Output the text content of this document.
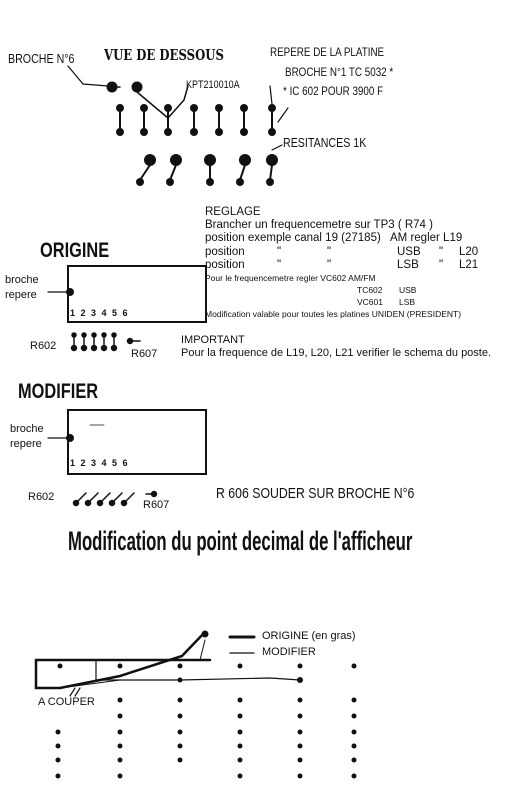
BROCHE N°6 VUE DE DESSOUS	REPERE DE LA PLATINE
KPT210010A
BROCHE N°1 TC 5032 *
* IC 602 POUR 3900 F
RESITANCES 1K
REGLAGE
Brancher un frequencemetre sur TP3 ( R74 )
position exemple canal 19 (27185) AM regler L19
position	"	"	USB " L20
position	"	"	LSB " L21
Pour le frequencemetre regler VC602 AM/FM
TC602 USB
VC601 LSB
Modification valable pour toutes les platines UNIDEN (PRESIDENT)
ORIGINE
broche
repere
1 2 3 4 5 6
R602
R607
IMPORTANT
Pour la frequence de L19, L20, L21 verifier le schema du poste.
MODIFIER
broche
repere
1 2 3 4 5 6
R602
R607
R 606 SOUDER SUR BROCHE N°6
Modification du point decimal de l'afficheur
ORIGINE (en gras)
MODIFIER
A COUPER
